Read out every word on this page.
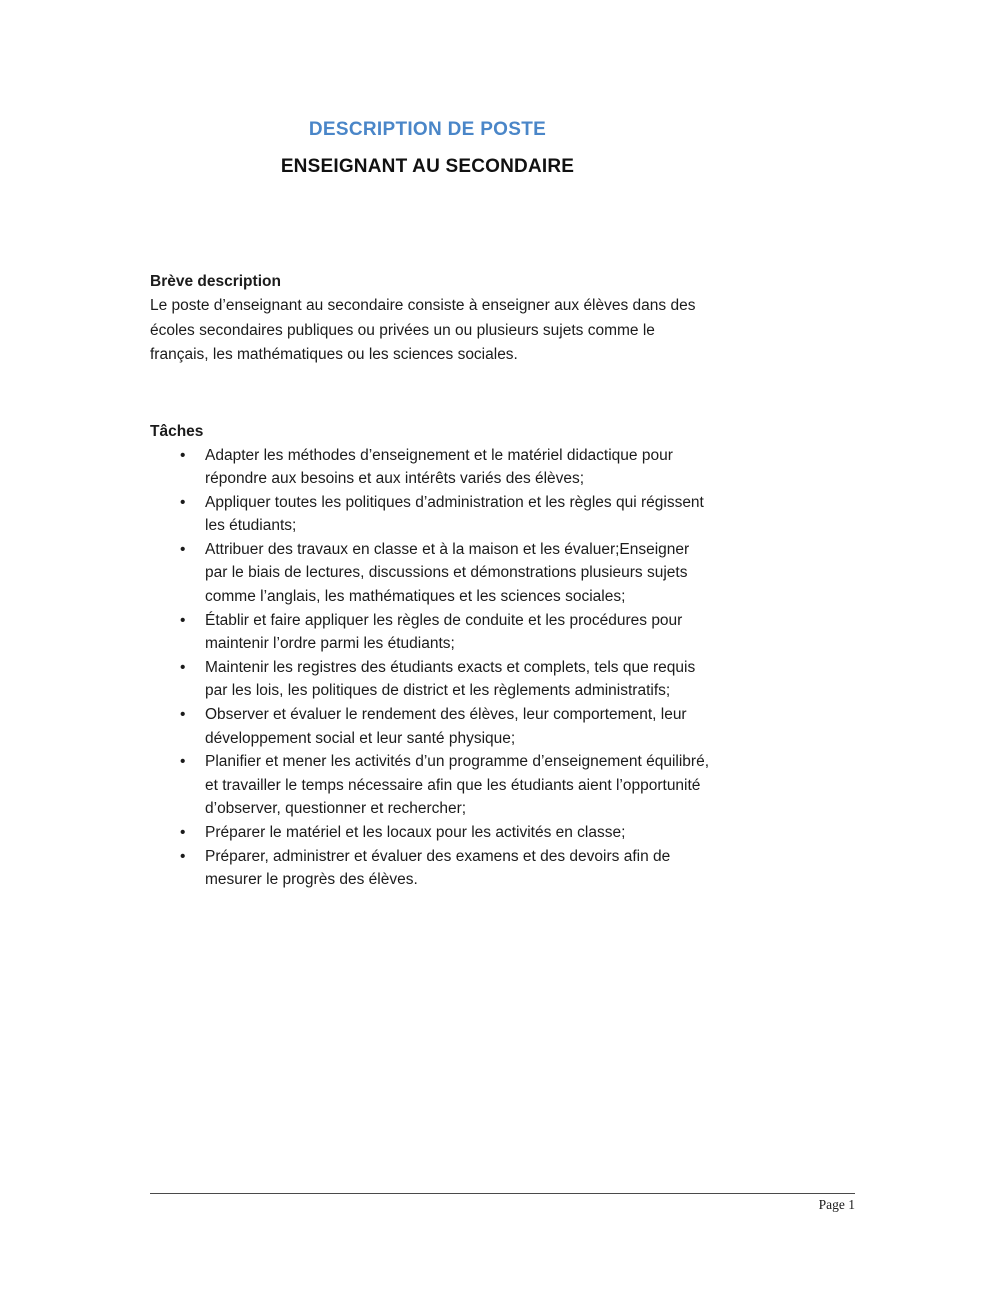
DESCRIPTION DE POSTE
ENSEIGNANT AU SECONDAIRE
Brève description

Le poste d’enseignant au secondaire consiste à enseigner aux élèves dans des écoles secondaires publiques ou privées un ou plusieurs sujets comme le français, les mathématiques ou les sciences sociales.

Tâches
•	Adapter les méthodes d’enseignement et le matériel didactique pour répondre aux besoins et aux intérêts variés des élèves;
•	Appliquer toutes les politiques d’administration et les règles qui régissent les étudiants;
•	Attribuer des travaux en classe et à la maison et les évaluer;Enseigner par le biais de lectures, discussions et démonstrations plusieurs sujets comme l’anglais, les mathématiques et les sciences sociales;
•	Établir et faire appliquer les règles de conduite et les procédures pour maintenir l’ordre parmi les étudiants;
•	Maintenir les registres des étudiants exacts et complets, tels que requis par les lois, les politiques de district et les règlements administratifs;
•	Observer et évaluer le rendement des élèves, leur comportement, leur développement social et leur santé physique;
•	Planifier et mener les activités d’un programme d’enseignement équilibré, et travailler le temps nécessaire afin que les étudiants aient l’opportunité d’observer, questionner et rechercher;
•	Préparer le matériel et les locaux pour les activités en classe;
•	Préparer, administrer et évaluer des examens et des devoirs afin de mesurer le progrès des élèves.
Page 1
